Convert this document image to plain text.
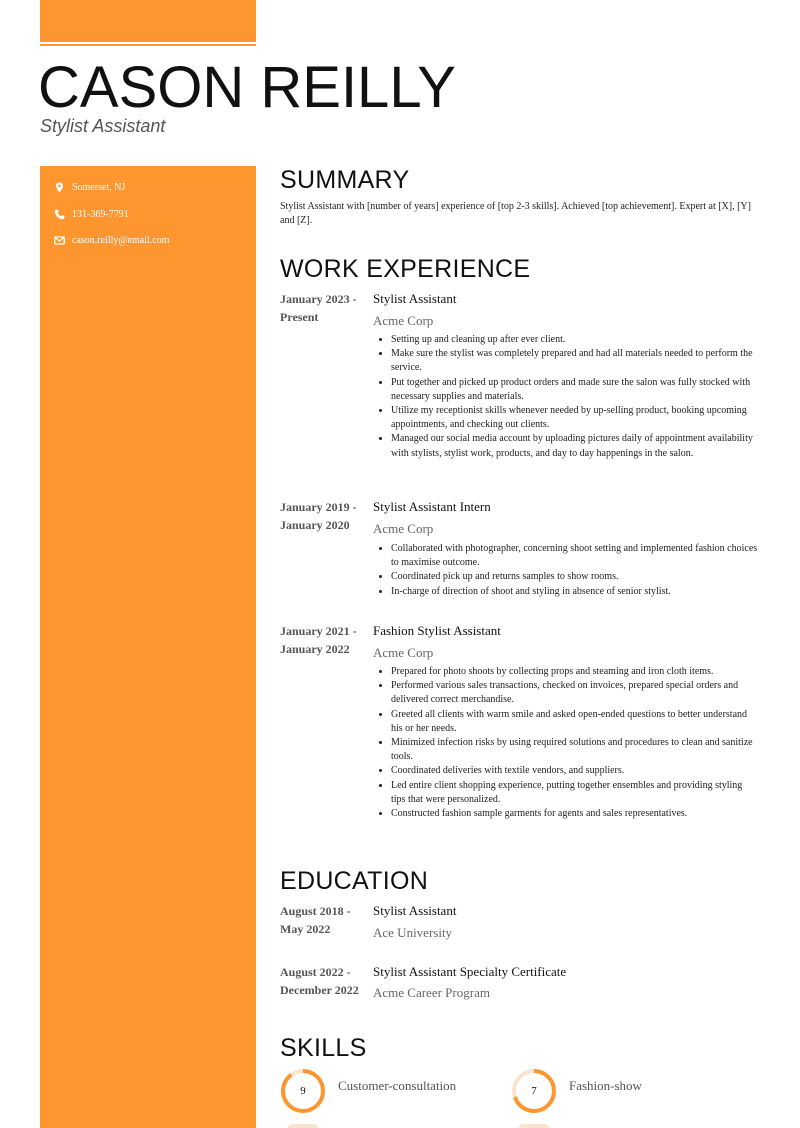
CASON REILLY
Stylist Assistant
Somerset, NJ
131-369-7791
cason.reilly@email.com
SUMMARY
Stylist Assistant with [number of years] experience of [top 2-3 skills]. Achieved [top achievement]. Expert at [X], [Y] and [Z].
WORK EXPERIENCE
January 2023 -
Present
Stylist Assistant
Acme Corp
• Setting up and cleaning up after ever client.
• Make sure the stylist was completely prepared and had all materials needed to perform the service.
• Put together and picked up product orders and made sure the salon was fully stocked with necessary supplies and materials.
• Utilize my receptionist skills whenever needed by up-selling product, booking upcoming appointments, and checking out clients.
• Managed our social media account by uploading pictures daily of appointment availability with stylists, stylist work, products, and day to day happenings in the salon.
January 2019 -
January 2020
Stylist Assistant Intern
Acme Corp
• Collaborated with photographer, concerning shoot setting and implemented fashion choices to maximise outcome.
• Coordinated pick up and returns samples to show rooms.
• In-charge of direction of shoot and styling in absence of senior stylist.
January 2021 -
January 2022
Fashion Stylist Assistant
Acme Corp
• Prepared for photo shoots by collecting props and steaming and iron cloth items.
• Performed various sales transactions, checked on invoices, prepared special orders and delivered correct merchandise.
• Greeted all clients with warm smile and asked open-ended questions to better understand his or her needs.
• Minimized infection risks by using required solutions and procedures to clean and sanitize tools.
• Coordinated deliveries with textile vendors, and suppliers.
• Led entire client shopping experience, putting together ensembles and providing styling tips that were personalized.
• Constructed fashion sample garments for agents and sales representatives.
EDUCATION
August 2018 -
May 2022
Stylist Assistant
Ace University
August 2022 -
December 2022
Stylist Assistant Specialty Certificate
Acme Career Program
SKILLS
9	Customer-consultation	7	Fashion-show
